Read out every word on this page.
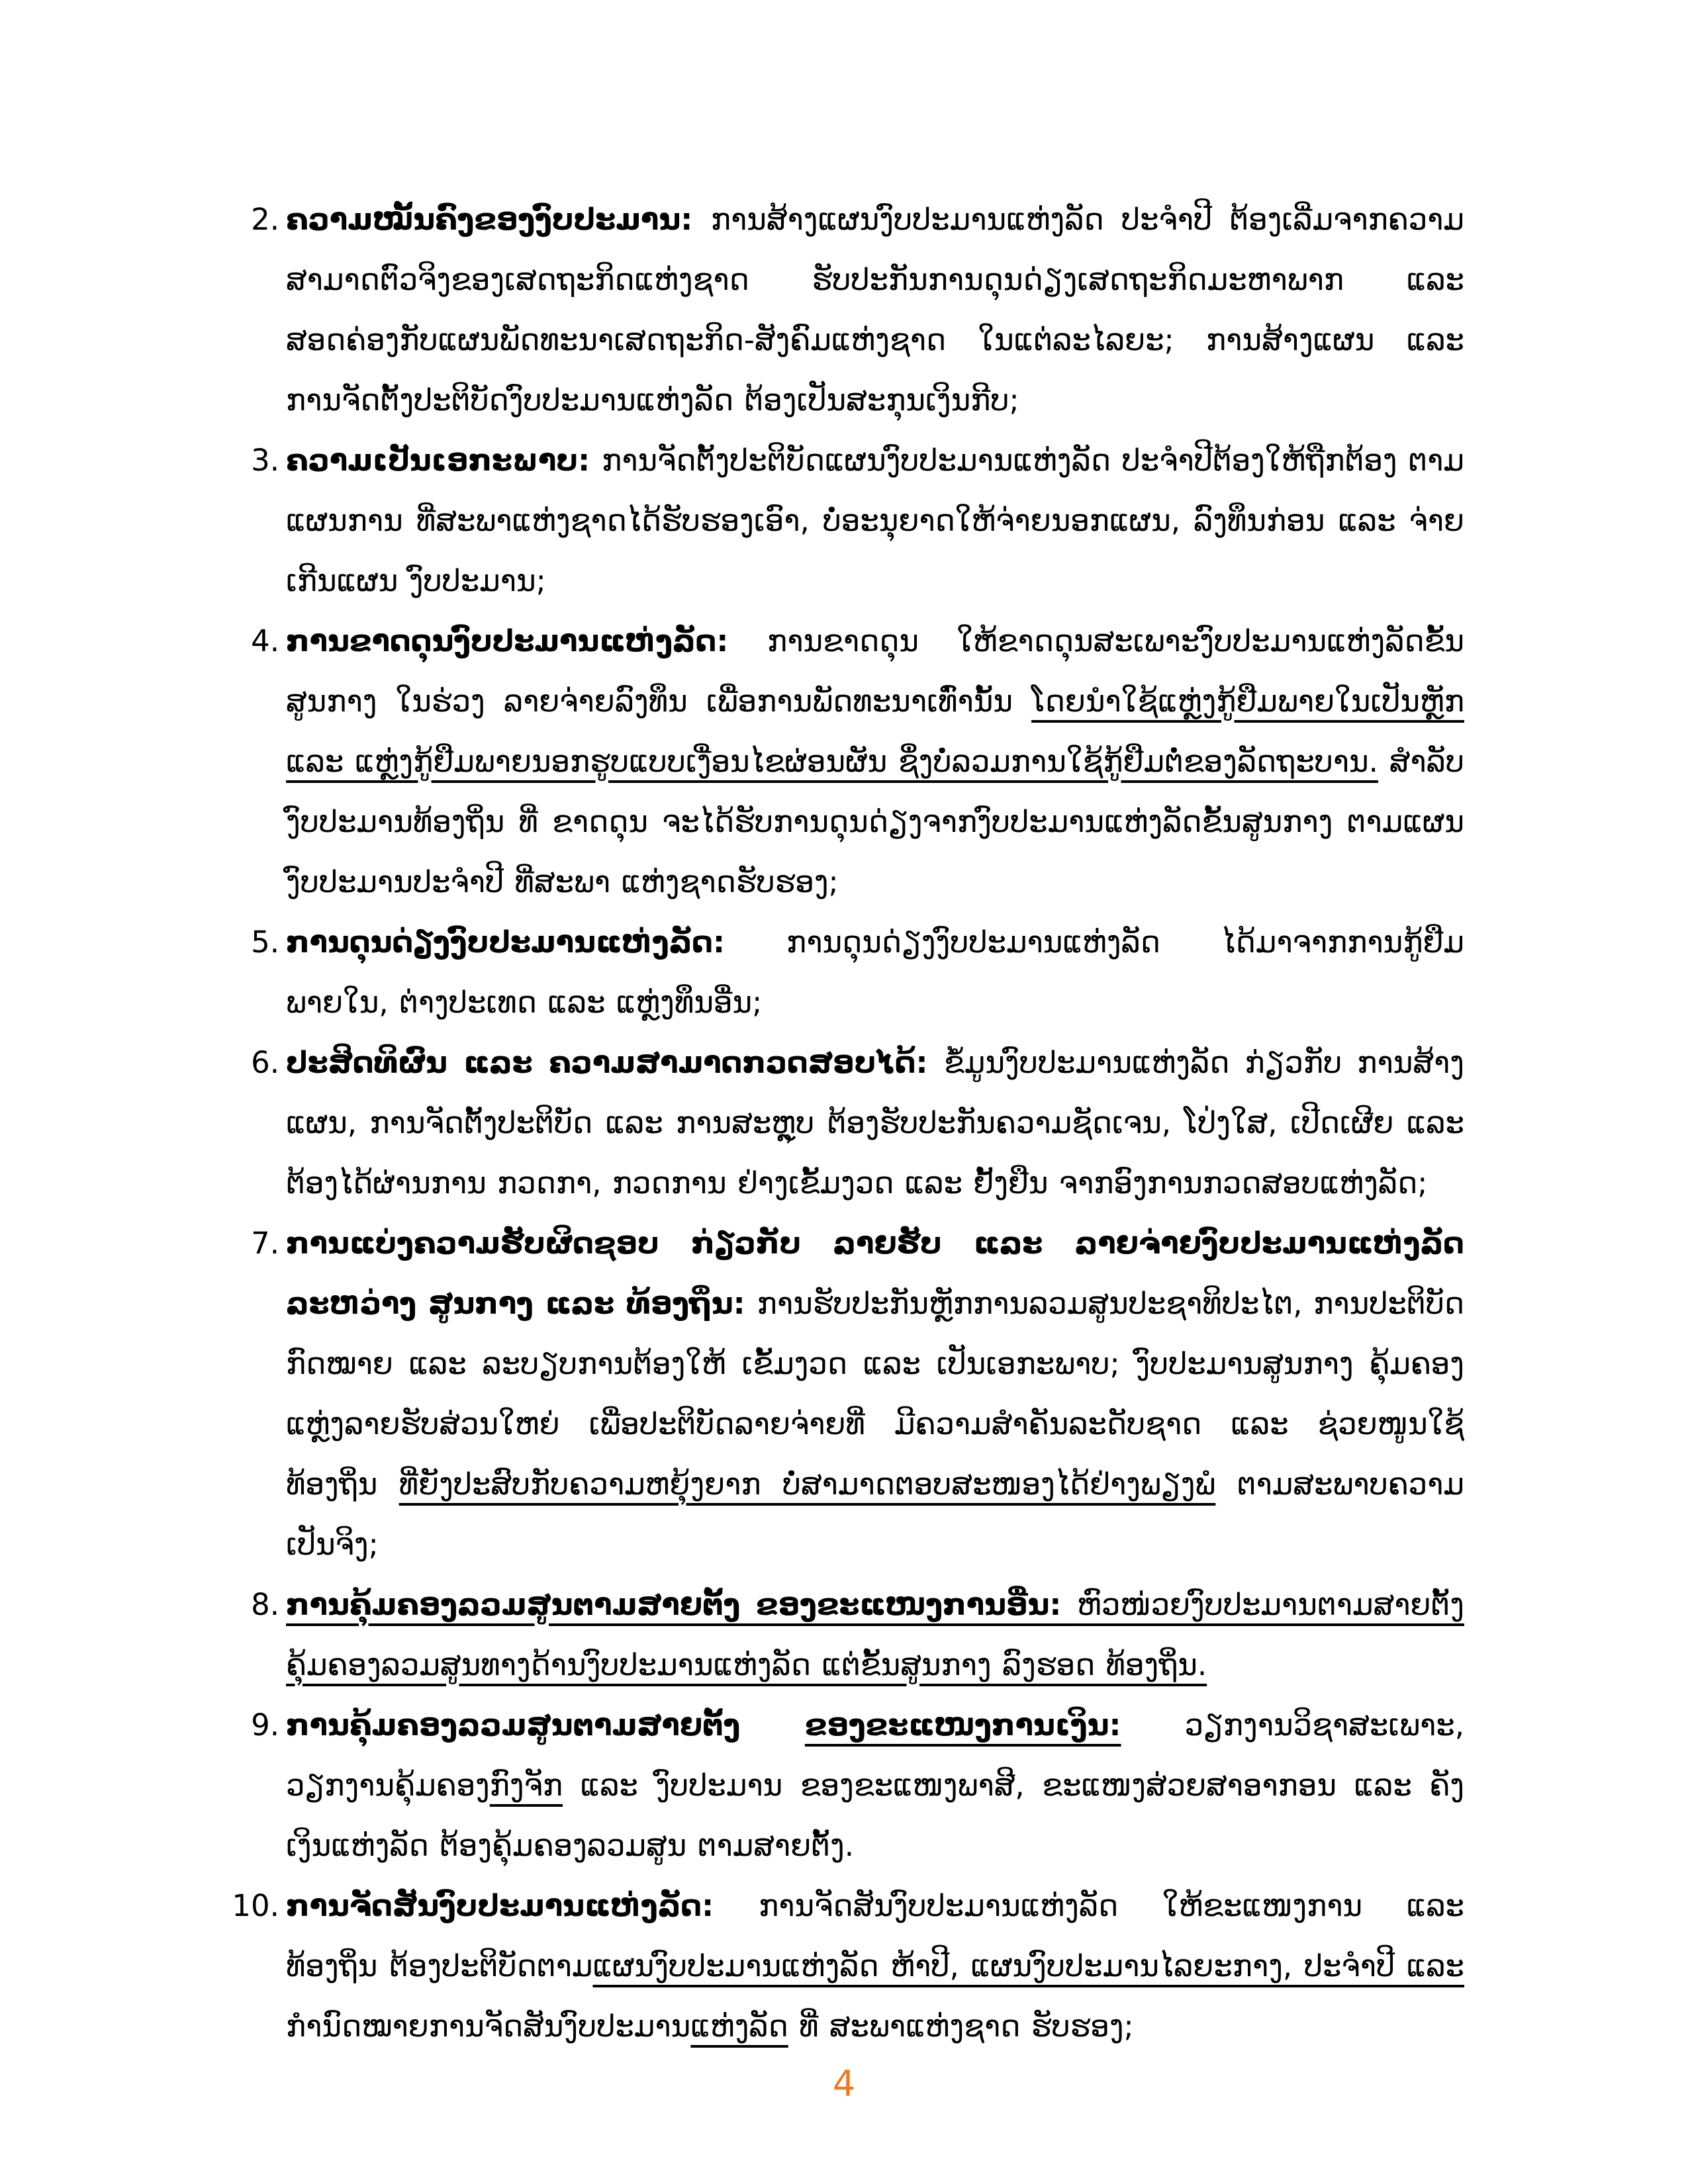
2. ຄວາມໝັ້ນຄົງຂອງງົບປະມານ: ການສ້າງແຜນງົບປະມານແຫ່ງລັດ ປະຈຳປີ ຕ້ອງເລີ່ມຈາກຄວາມສາມາດຕົວຈິງຂອງເສດຖະກິດແຫ່ງຊາດ ຮັບປະກັນການດຸນດ່ຽງເສດຖະກິດມະຫາພາກ ແລະ ສອດຄ່ອງກັບແຜນພັດທະນາເສດຖະກິດ-ສັງຄົມແຫ່ງຊາດ ໃນແຕ່ລະໄລຍະ; ການສ້າງແຜນ ແລະ ການຈັດຕັ້ງປະຕິບັດງົບປະມານແຫ່ງລັດ ຕ້ອງເປັນສະກຸນເງິນກີບ;
3. ຄວາມເປັນເອກະພາບ: ການຈັດຕັ້ງປະຕິບັດແຜນງົບປະມານແຫ່ງລັດ ປະຈຳປີຕ້ອງໃຫ້ຖືກຕ້ອງ ຕາມແຜນການ ທີ່ສະພາແຫ່ງຊາດໄດ້ຮັບຮອງເອົາ, ບໍ່ອະນຸຍາດໃຫ້ຈ່າຍນອກແຜນ, ລົງທຶນກ່ອນ ແລະ ຈ່າຍເກີນແຜນ ງົບປະມານ;
4. ການຂາດດຸນງົບປະມານແຫ່ງລັດ: ການຂາດດຸນ ໃຫ້ຂາດດຸນສະເພາະງົບປະມານແຫ່ງລັດຂັ້ນສູນກາງ ໃນຮ່ວງ ລາຍຈ່າຍລົງທຶນ ເພື່ອການພັດທະນາເທົ່ານັ້ນ ໂດຍນຳໃຊ້ແຫຼ່ງກູ້ຢືມພາຍໃນເປັນຫຼັກ ແລະ ແຫຼ່ງກູ້ຢືມພາຍນອກຮູບແບບເງື່ອນໄຂຜ່ອນຜັນ ຊຶ່ງບໍ່ລວມການໃຊ້ກູ້ຢືມຕໍ່ຂອງລັດຖະບານ. ສຳລັບ ງົບປະມານທ້ອງຖິ່ນ ທີ່ ຂາດດຸນ ຈະໄດ້ຮັບການດຸນດ່ຽງຈາກງົບປະມານແຫ່ງລັດຂັ້ນສູນກາງ ຕາມແຜນງົບປະມານປະຈຳປີ ທີ່ສະພາ ແຫ່ງຊາດຮັບຮອງ;
5. ການດຸນດ່ຽງງົບປະມານແຫ່ງລັດ: ການດຸນດ່ຽງງົບປະມານແຫ່ງລັດ ໄດ້ມາຈາກການກູ້ຢືມ ພາຍໃນ, ຕ່າງປະເທດ ແລະ ແຫຼ່ງທຶນອື່ນ;
6. ປະສິດທິຜົນ ແລະ ຄວາມສາມາດກວດສອບໄດ້: ຂໍ້ມູນງົບປະມານແຫ່ງລັດ ກ່ຽວກັບ ການສ້າງແຜນ, ການຈັດຕັ້ງປະຕິບັດ ແລະ ການສະຫຼຸບ ຕ້ອງຮັບປະກັນຄວາມຊັດເຈນ, ໂປ່ງໃສ, ເປີດເຜີຍ ແລະ ຕ້ອງໄດ້ຜ່ານການ ກວດກາ, ກວດການ ຢ່າງເຂັ້ມງວດ ແລະ ຢັ້ງຢືນ ຈາກອົງການກວດສອບແຫ່ງລັດ;
7. ການແບ່ງຄວາມຮັບຜິດຊອບ ກ່ຽວກັບ ລາຍຮັບ ແລະ ລາຍຈ່າຍງົບປະມານແຫ່ງລັດ ລະຫວ່າງ ສູນກາງ ແລະ ທ້ອງຖິ່ນ: ການຮັບປະກັນຫຼັກການລວມສູນປະຊາທິປະໄຕ, ການປະຕິບັດກົດໝາຍ ແລະ ລະບຽບການຕ້ອງໃຫ້ ເຂັ້ມງວດ ແລະ ເປັນເອກະພາບ; ງົບປະມານສູນກາງ ຄຸ້ມຄອງແຫຼ່ງລາຍຮັບສ່ວນໃຫຍ່ ເພື່ອປະຕິບັດລາຍຈ່າຍທີ່ ມີຄວາມສຳຄັນລະດັບຊາດ ແລະ ຊ່ວຍໜູນໃຊ້ທ້ອງຖິ່ນ ທີ່ຍັງປະສົບກັບຄວາມຫຍຸ້ງຍາກ ບໍ່ສາມາດຕອບສະໜອງໄດ້ຢ່າງພຽງພໍ ຕາມສະພາບຄວາມເປັນຈິງ;
8. ການຄຸ້ມຄອງລວມສູນຕາມສາຍຕັ້ງ ຂອງຂະແໜງການອື່ນ: ຫົວໜ່ວຍງົບປະມານຕາມສາຍຕັ້ງ ຄຸ້ມຄອງລວມສູນທາງດ້ານງົບປະມານແຫ່ງລັດ ແຕ່ຂັ້ນສູນກາງ ລົງຮອດ ທ້ອງຖິ່ນ.
9. ການຄຸ້ມຄອງລວມສູນຕາມສາຍຕັ້ງ ຂອງຂະແໜງການເງິນ: ວຽກງານວິຊາສະເພາະ, ວຽກງານຄຸ້ມຄອງກົງຈັກ ແລະ ງົບປະມານ ຂອງຂະແໜງພາສີ, ຂະແໜງສ່ວຍສາອາກອນ ແລະ ຄັງເງິນແຫ່ງລັດ ຕ້ອງຄຸ້ມຄອງລວມສູນ ຕາມສາຍຕັ້ງ.
10. ການຈັດສັນງົບປະມານແຫ່ງລັດ: ການຈັດສັນງົບປະມານແຫ່ງລັດ ໃຫ້ຂະແໜງການ ແລະ ທ້ອງຖິ່ນ ຕ້ອງປະຕິບັດຕາມແຜນງົບປະມານແຫ່ງລັດ ຫ້າປີ, ແຜນງົບປະມານໄລຍະກາງ, ປະຈຳປີ ແລະ ກຳນົດໝາຍການຈັດສັນງົບປະມານແຫ່ງລັດ ທີ່ ສະພາແຫ່ງຊາດ ຮັບຮອງ;
4
